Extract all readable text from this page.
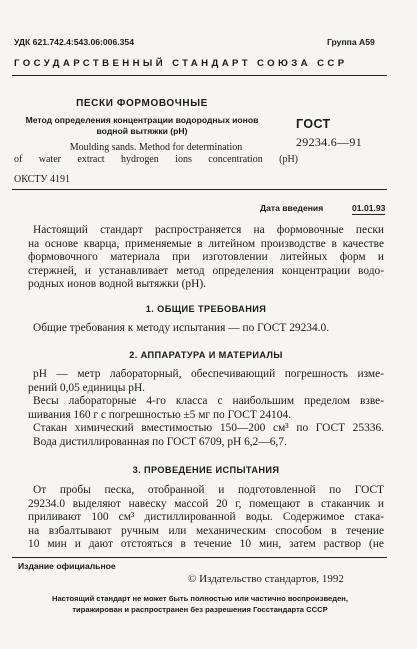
УДК 621.742.4:543.06:006.354	Группа А59
ГОСУДАРСТВЕННЫЙ СТАНДАРТ СОЮЗА ССР
ПЕСКИ ФОРМОВОЧНЫЕ
Метод определения концентрации водородных ионов
водной вытяжки (рН)
Moulding sands. Method for determination
of water extract hydrogen ions concentration (pH)
ГОСТ
29234.6—91
ОКСТУ 4191
Дата введения	01.01.93
Настоящий стандарт распространяется на формовочные пески
на основе кварца, применяемые в литейном производстве в качестве
формовочного материала при изготовлении литейных форм и
стержней, и устанавливает метод определения концентрации водо-
родных ионов водной вытяжки (рН).
1. ОБЩИЕ ТРЕБОВАНИЯ
Общие требования к методу испытания — по ГОСТ 29234.0.
2. АППАРАТУРА И МАТЕРИАЛЫ
рН — метр лабораторный, обеспечивающий погрешность изме-
рений 0,05 единицы рН.
Весы лабораторные 4-го класса с наибольшим пределом взве-
шивания 160 г с погрешностью ±5 мг по ГОСТ 24104.
Стакан химический вместимостью 150—200 см³ по ГОСТ 25336.
Вода дистиллированная по ГОСТ 6709, рН 6,2—6,7.
3. ПРОВЕДЕНИЕ ИСПЫТАНИЯ
От пробы песка, отобранной и подготовленной по ГОСТ
29234.0 выделяют навеску массой 20 г, помещают в стаканчик и
приливают 100 см³ дистиллированной воды. Содержимое стака-
на взбалтывают ручным или механическим способом в течение
10 мин и дают отстояться в течение 10 мин, затем раствор (не
Издание официальное
© Издательство стандартов, 1992
Настоящий стандарт не может быть полностью или частично воспроизведен,
тиражирован и распространен без разрешения Госстандарта СССР
